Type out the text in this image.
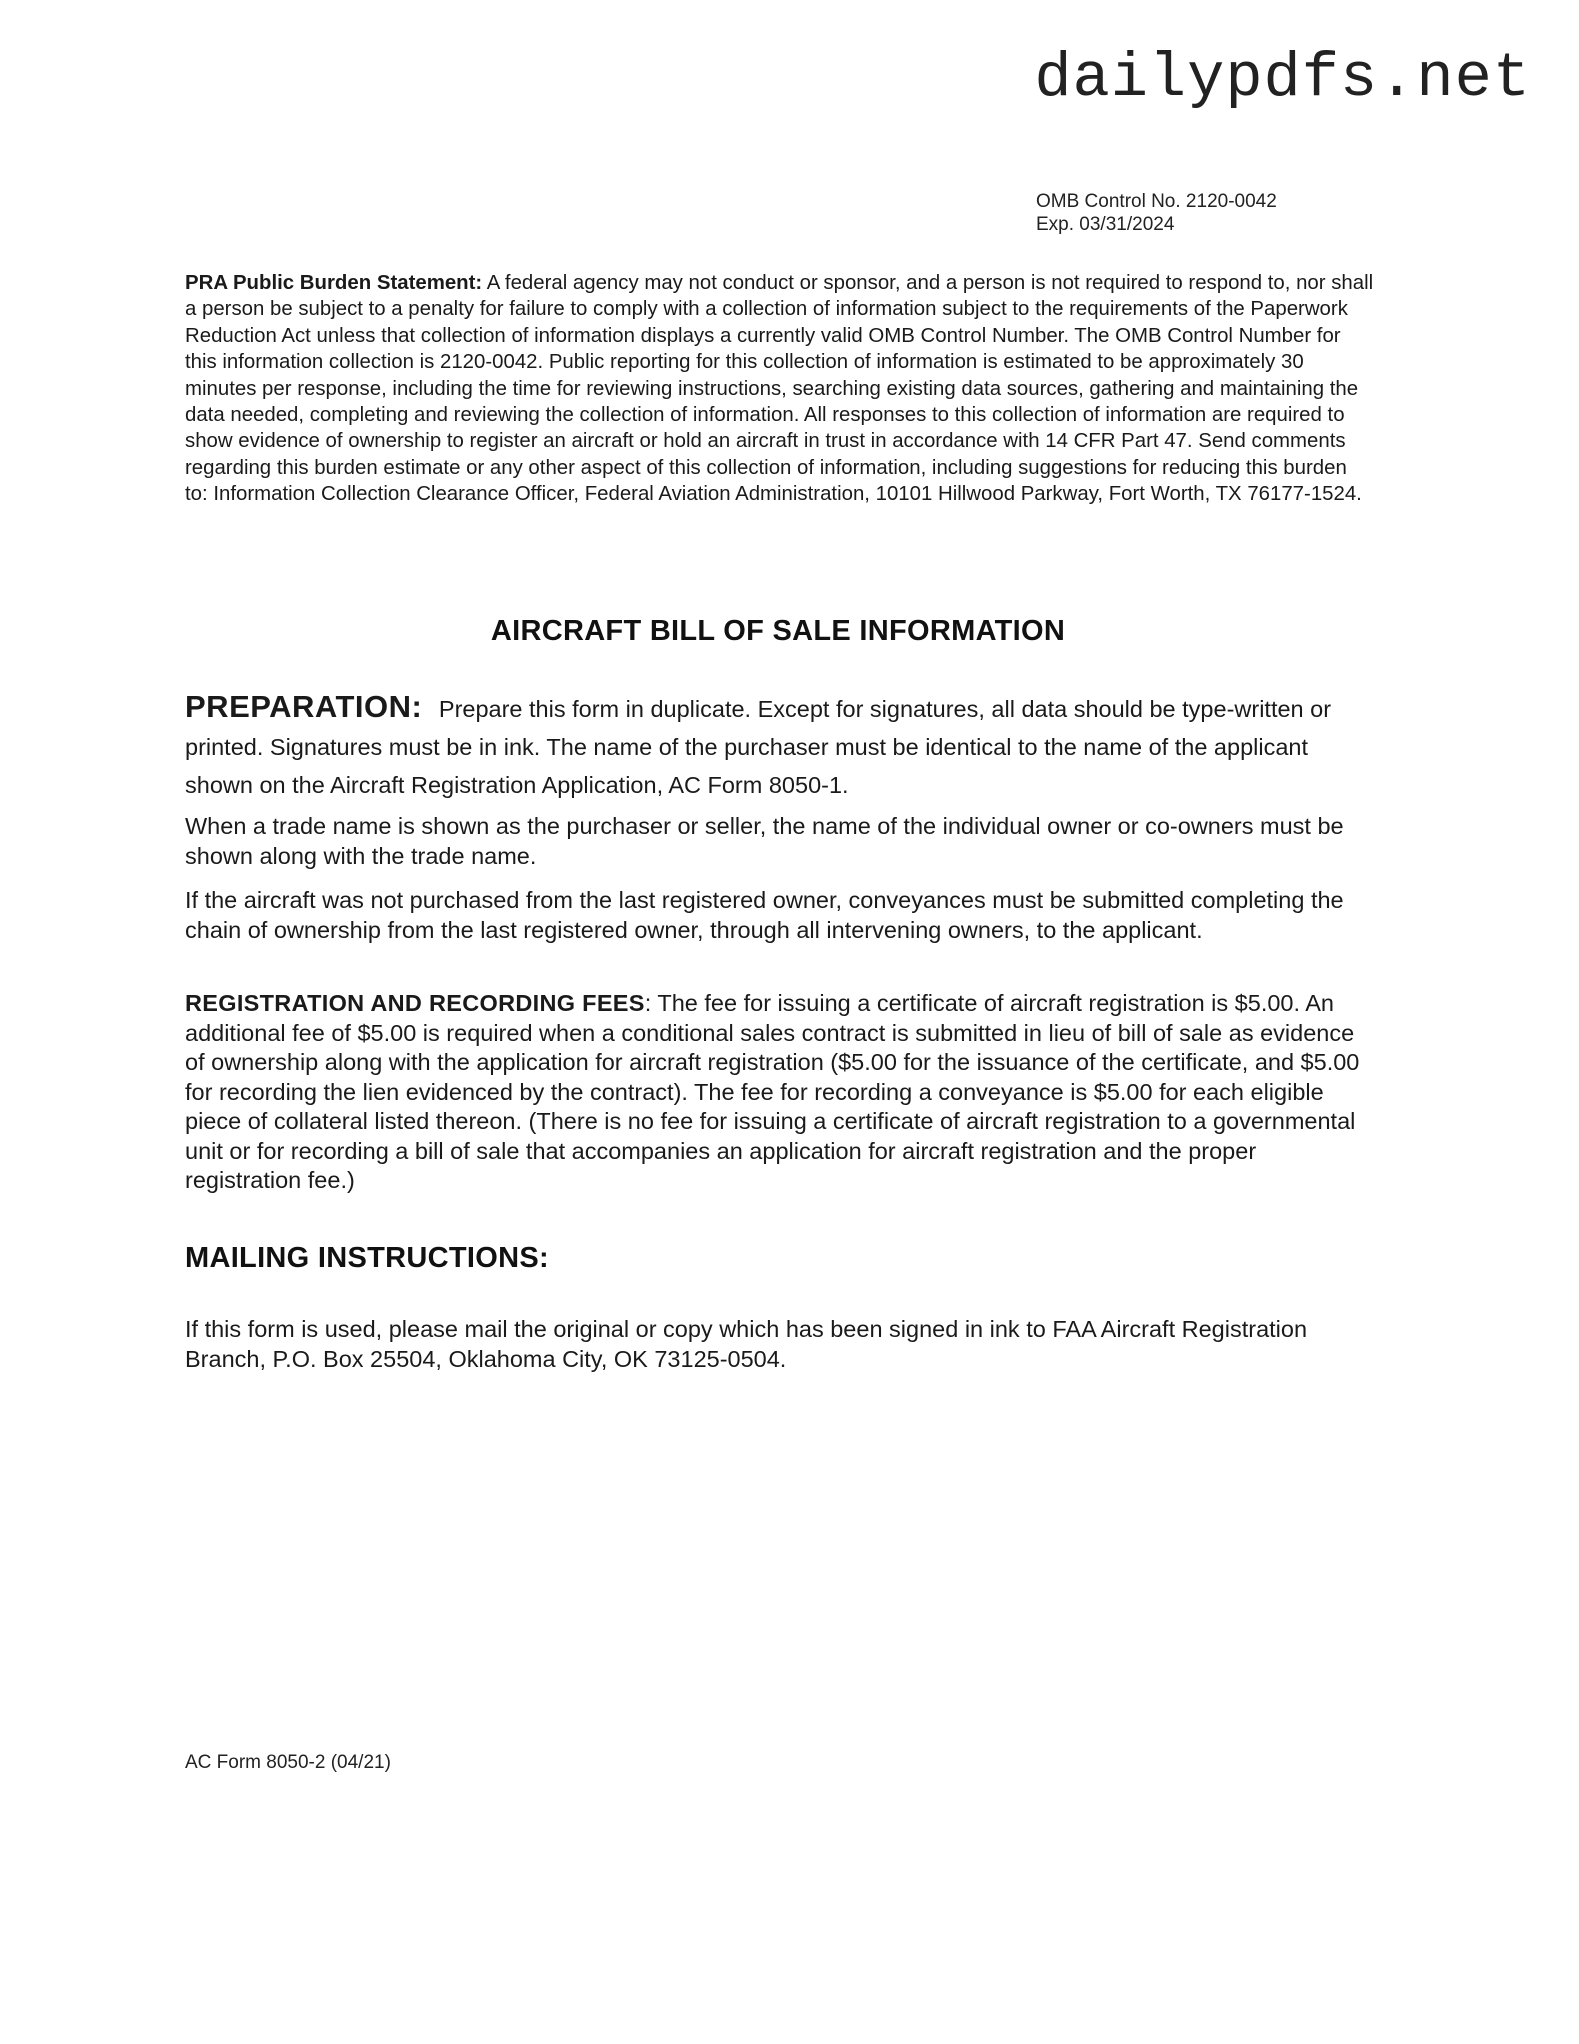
dailypdfs.net
OMB Control No. 2120-0042
Exp. 03/31/2024
PRA Public Burden Statement: A federal agency may not conduct or sponsor, and a person is not required to respond to, nor shall a person be subject to a penalty for failure to comply with a collection of information subject to the requirements of the Paperwork Reduction Act unless that collection of information displays a currently valid OMB Control Number. The OMB Control Number for this information collection is 2120-0042. Public reporting for this collection of information is estimated to be approximately 30 minutes per response, including the time for reviewing instructions, searching existing data sources, gathering and maintaining the data needed, completing and reviewing the collection of information. All responses to this collection of information are required to show evidence of ownership to register an aircraft or hold an aircraft in trust in accordance with 14 CFR Part 47. Send comments regarding this burden estimate or any other aspect of this collection of information, including suggestions for reducing this burden to: Information Collection Clearance Officer, Federal Aviation Administration, 10101 Hillwood Parkway, Fort Worth, TX 76177-1524.
AIRCRAFT BILL OF SALE INFORMATION
PREPARATION: Prepare this form in duplicate. Except for signatures, all data should be type-written or printed. Signatures must be in ink. The name of the purchaser must be identical to the name of the applicant shown on the Aircraft Registration Application, AC Form 8050-1.
When a trade name is shown as the purchaser or seller, the name of the individual owner or co-owners must be shown along with the trade name.
If the aircraft was not purchased from the last registered owner, conveyances must be submitted completing the chain of ownership from the last registered owner, through all intervening owners, to the applicant.
REGISTRATION AND RECORDING FEES: The fee for issuing a certificate of aircraft registration is $5.00. An additional fee of $5.00 is required when a conditional sales contract is submitted in lieu of bill of sale as evidence of ownership along with the application for aircraft registration ($5.00 for the issuance of the certificate, and $5.00 for recording the lien evidenced by the contract). The fee for recording a conveyance is $5.00 for each eligible piece of collateral listed thereon. (There is no fee for issuing a certificate of aircraft registration to a governmental unit or for recording a bill of sale that accompanies an application for aircraft registration and the proper registration fee.)
MAILING INSTRUCTIONS:
If this form is used, please mail the original or copy which has been signed in ink to FAA Aircraft Registration Branch, P.O. Box 25504, Oklahoma City, OK 73125-0504.
AC Form 8050-2 (04/21)
